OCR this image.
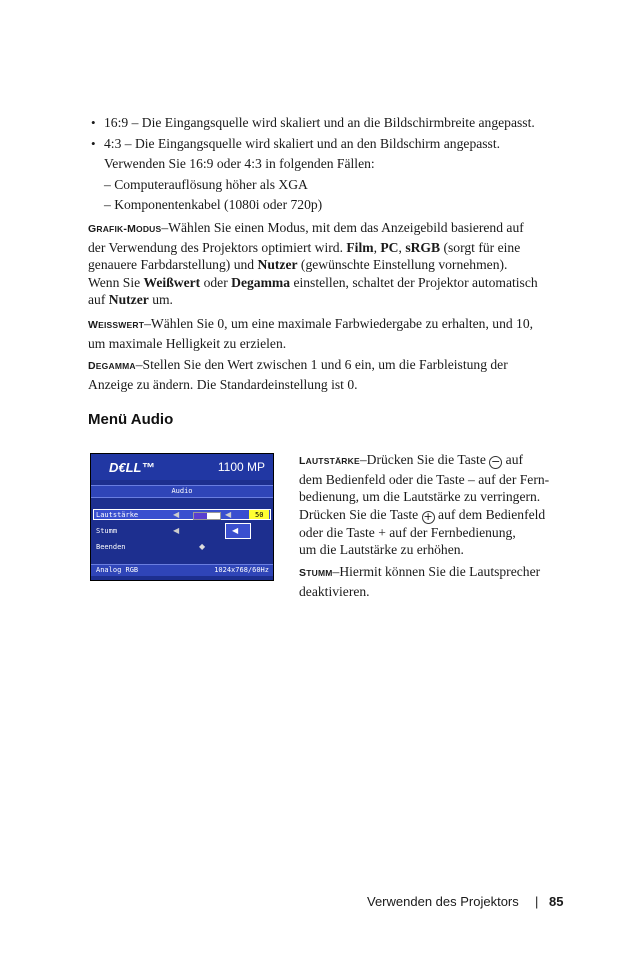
• 16:9 – Die Eingangsquelle wird skaliert und an die Bildschirmbreite angepasst.
• 4:3 – Die Eingangsquelle wird skaliert und an den Bildschirm angepasst.
Verwenden Sie 16:9 oder 4:3 in folgenden Fällen:
– Computerauflösung höher als XGA
– Komponentenkabel (1080i oder 720p)
GRAFIK-MODUS–Wählen Sie einen Modus, mit dem das Anzeigebild basierend auf
der Verwendung des Projektors optimiert wird. Film, PC, sRGB (sorgt für eine
genauere Farbdarstellung) und Nutzer (gewünschte Einstellung vornehmen).
Wenn Sie Weißwert oder Degamma einstellen, schaltet der Projektor automatisch
auf Nutzer um.
WEISSWERT–Wählen Sie 0, um eine maximale Farbwiedergabe zu erhalten, und 10,
um maximale Helligkeit zu erzielen.
DEGAMMA–Stellen Sie den Wert zwischen 1 und 6 ein, um die Farbleistung der
Anzeige zu ändern. Die Standardeinstellung ist 0.
Menü Audio
D€LL™	1100 MP
Audio
Lautstärke	◀	◀	50
Stumm	◀	◀
Beenden	◆
Analog RGB	1024x768/60Hz
LAUTSTÄRKE–Drücken Sie die Taste − auf
dem Bedienfeld oder die Taste – auf der Fern-
bedienung, um die Lautstärke zu verringern.
Drücken Sie die Taste + auf dem Bedienfeld
oder die Taste + auf der Fernbedienung,
um die Lautstärke zu erhöhen.
STUMM–Hiermit können Sie die Lautsprecher
deaktivieren.
Verwenden des Projektors | 85
